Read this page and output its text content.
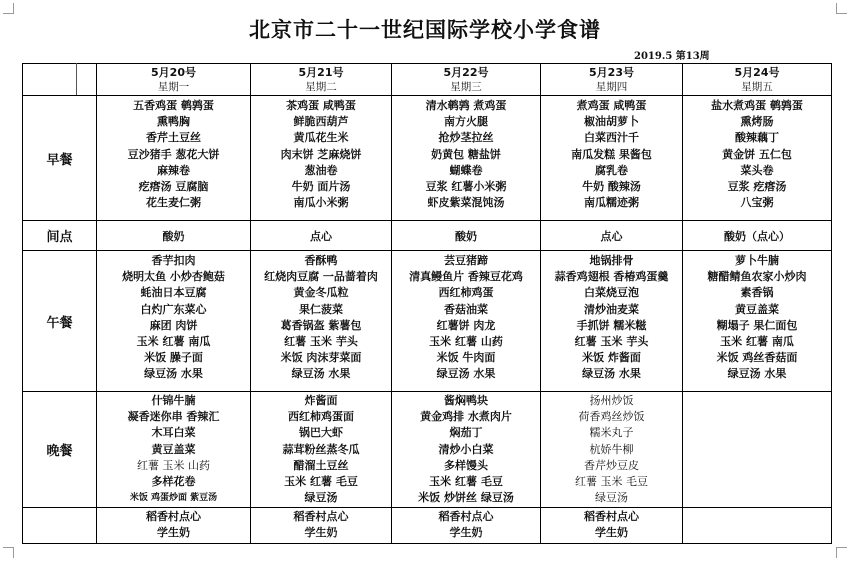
北京市二十一世纪国际学校小学食谱
2019.5 第13周
5月20号
星期一
5月21号
星期二
5月22号
星期三
5月23号
星期四
5月24号
星期五
早餐
间点
午餐
晚餐
五香鸡蛋 鹌鹑蛋
熏鸭胸
香芹土豆丝
豆沙猪手 葱花大饼
麻辣卷
疙瘩汤 豆腐脑
花生麦仁粥
酸奶
香芋扣肉
烧明太鱼 小炒杏鲍菇
蚝油日本豆腐
白灼广东菜心
麻团 肉饼
玉米 红薯 南瓜
米饭 臊子面
绿豆汤 水果
什锦牛腩
凝香迷你串 香辣汇
木耳白菜
黄豆盖菜
红薯 玉米 山药
多样花卷
米饭 鸡蛋炒面 紫豆汤
稻香村点心
学生奶
茶鸡蛋 咸鸭蛋
鲜脆西葫芦
黄瓜花生米
肉末饼 芝麻烧饼
葱油卷
牛奶 面片汤
南瓜小米粥
点心
香酥鸭
红烧肉豆腐 一品蔷着肉
黄金冬瓜粒
果仁菠菜
葛香锅盔 紫薯包
红薯 玉米 芋头
米饭 肉沫芽菜面
绿豆汤 水果
炸酱面
西红柿鸡蛋面
锅巴大虾
蒜茸粉丝蒸冬瓜
醋溜土豆丝
玉米 红薯 毛豆
绿豆汤
稻香村点心
学生奶
清水鹌鹑 煮鸡蛋
南方火腿
抢炒茎拉丝
奶黄包 糖盐饼
蝴蝶卷
豆浆 红薯小米粥
虾皮紫菜混饨汤
酸奶
芸豆猪蹄
清真鳗鱼片 香辣豆花鸡
西红柿鸡蛋
香菇油菜
红薯饼 肉龙
玉米 红薯 山药
米饭 牛肉面
绿豆汤 水果
酱焖鸭块
黄金鸡排 水煮肉片
焖茄丁
清炒小白菜
多样馒头
玉米 红薯 毛豆
米饭 炒饼丝 绿豆汤
稻香村点心
学生奶
煮鸡蛋 咸鸭蛋
椒油胡萝卜
白菜西汁千
南瓜发糕 果酱包
腐乳卷
牛奶 酸辣汤
南瓜糯迹粥
点心
地锅排骨
蒜香鸡翅根 香椿鸡蛋羹
白菜烧豆泡
清炒油麦菜
手抓饼 糯米糍
红薯 玉米 芋头
米饭 炸酱面
绿豆汤 水果
扬州炒饭
荷香鸡丝炒饭
糯米丸子
杭娇牛柳
香芹炒豆皮
红薯 玉米 毛豆
绿豆汤
稻香村点心
学生奶
盐水煮鸡蛋 鹌鹑蛋
熏烤肠
酸辣藕丁
黄金饼 五仁包
菜头卷
豆浆 疙瘩汤
八宝粥
酸奶（点心）
萝卜牛腩
糖醋鲭鱼农家小炒肉
素香锅
黄豆盖菜
糊塌子 果仁面包
玉米 红薯 南瓜
米饭 鸡丝香菇面
绿豆汤 水果
